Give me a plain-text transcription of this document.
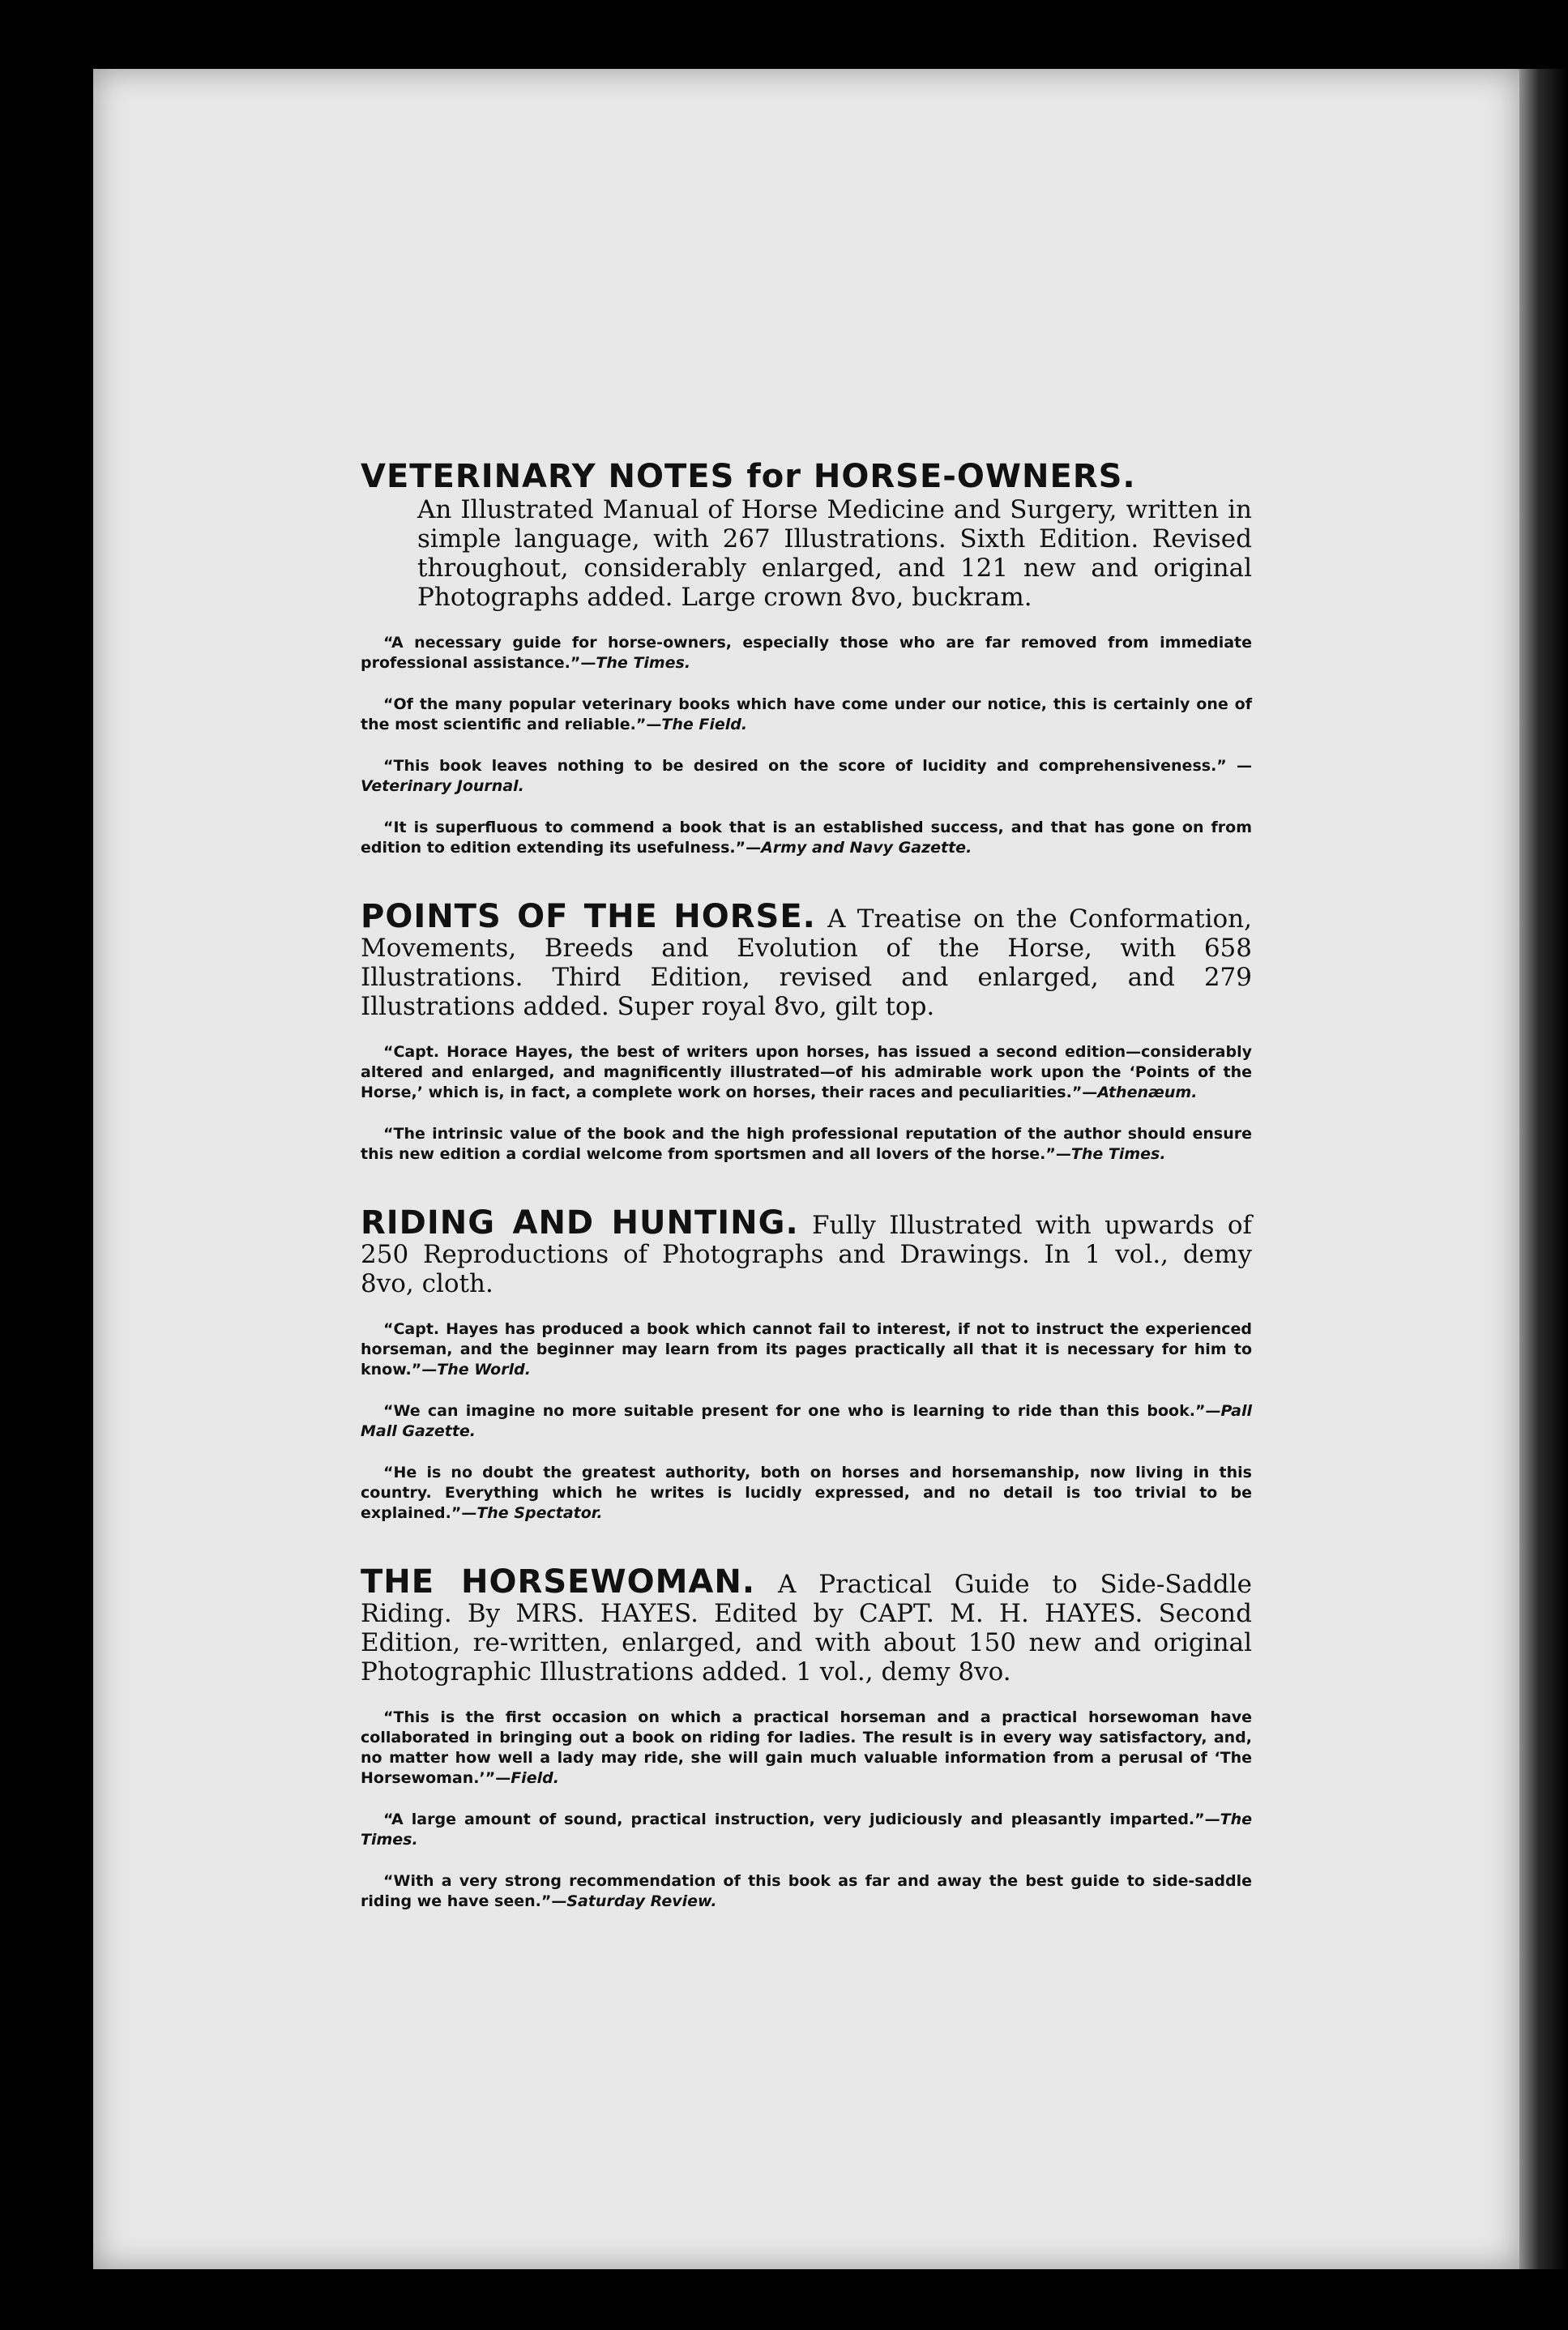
VETERINARY NOTES for HORSE-OWNERS.
An Illustrated Manual of Horse Medicine and Surgery, written in simple language, with 267 Illustrations. Sixth Edition. Revised throughout, considerably enlarged, and 121 new and original Photographs added. Large crown 8vo, buckram.
“A necessary guide for horse-owners, especially those who are far removed from immediate professional assistance.”—The Times.
“Of the many popular veterinary books which have come under our notice, this is certainly one of the most scientific and reliable.”—The Field.
“This book leaves nothing to be desired on the score of lucidity and comprehensiveness.” —Veterinary Journal.
“It is superfluous to commend a book that is an established success, and that has gone on from edition to edition extending its usefulness.”—Army and Navy Gazette.
POINTS OF THE HORSE. A Treatise on the Conformation, Movements, Breeds and Evolution of the Horse, with 658 Illustrations. Third Edition, revised and enlarged, and 279 Illustrations added. Super royal 8vo, gilt top.
“Capt. Horace Hayes, the best of writers upon horses, has issued a second edition—considerably altered and enlarged, and magnificently illustrated—of his admirable work upon the ‘Points of the Horse,’ which is, in fact, a complete work on horses, their races and peculiarities.”—Athenæum.
“The intrinsic value of the book and the high professional reputation of the author should ensure this new edition a cordial welcome from sportsmen and all lovers of the horse.”—The Times.
RIDING AND HUNTING. Fully Illustrated with upwards of 250 Reproductions of Photographs and Drawings. In 1 vol., demy 8vo, cloth.
“Capt. Hayes has produced a book which cannot fail to interest, if not to instruct the experienced horseman, and the beginner may learn from its pages practically all that it is necessary for him to know.”—The World.
“We can imagine no more suitable present for one who is learning to ride than this book.”—Pall Mall Gazette.
“He is no doubt the greatest authority, both on horses and horsemanship, now living in this country. Everything which he writes is lucidly expressed, and no detail is too trivial to be explained.”—The Spectator.
THE HORSEWOMAN. A Practical Guide to Side-Saddle Riding. By MRS. HAYES. Edited by CAPT. M. H. HAYES. Second Edition, re-written, enlarged, and with about 150 new and original Photographic Illustrations added. 1 vol., demy 8vo.
“This is the first occasion on which a practical horseman and a practical horsewoman have collaborated in bringing out a book on riding for ladies. The result is in every way satisfactory, and, no matter how well a lady may ride, she will gain much valuable information from a perusal of ‘The Horsewoman.’”—Field.
“A large amount of sound, practical instruction, very judiciously and pleasantly imparted.”—The Times.
“With a very strong recommendation of this book as far and away the best guide to side-saddle riding we have seen.”—Saturday Review.
